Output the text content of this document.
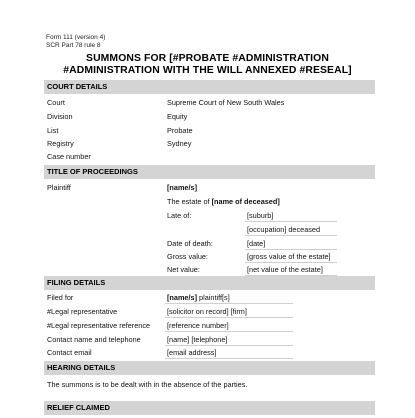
Form 111 (version 4)
SCR Part 78 rule 8
SUMMONS FOR [#PROBATE #ADMINISTRATION
#ADMINISTRATION WITH THE WILL ANNEXED #RESEAL]
COURT DETAILS
Court	Supreme Court of New South Wales
Division	Equity
List	Probate
Registry	Sydney
Case number
TITLE OF PROCEEDINGS
Plaintiff	[name/s]
The estate of [name of deceased]
Late of:	[suburb]
[occupation] deceased
Date of death:	[date]
Gross value:	[gross value of the estate]
Net value:	[net value of the estate]
FILING DETAILS
Filed for	[name/s] plaintiff[s]
#Legal representative	[solicitor on record] [firm]
#Legal representative reference [reference number]
Contact name and telephone	[name] [telephone]
Contact email	[email address]
HEARING DETAILS
The summons is to be dealt with in the absence of the parties.
RELIEF CLAIMED
